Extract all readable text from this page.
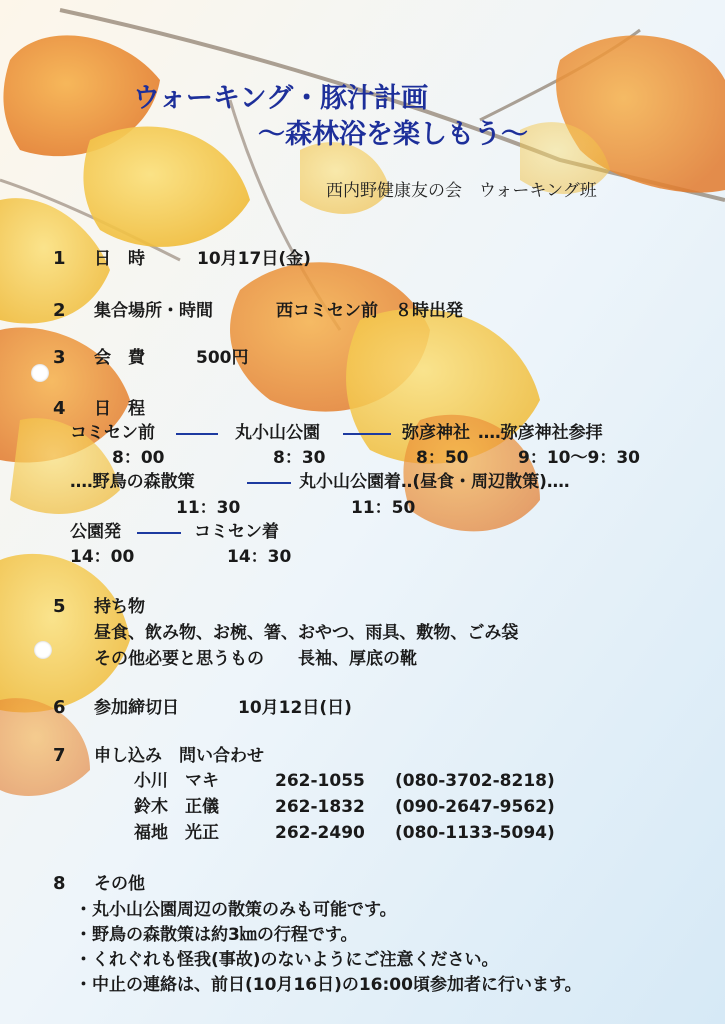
ウォーキング・豚汁計画
〜森林浴を楽しもう〜
西内野健康友の会　ウォーキング班
1 日　時	10月17日(金)
2 集合場所・時間	西コミセン前　８時出発
3 会　費	500円
4 日　程
コミセン前	丸小山公園	弥彦神社 ‥‥弥彦神社参拝
8：00	8：30	8：50	9：10〜9：30
‥‥野鳥の森散策	丸小山公園着‥(昼食・周辺散策)‥‥
11：30	11：50
公園発	コミセン着
14：00	14：30
5 持ち物
昼食、飲み物、お椀、箸、おやつ、雨具、敷物、ごみ袋
その他必要と思うもの　　長袖、厚底の靴
6 参加締切日	10月12日(日)
7 申し込み　問い合わせ
小川　マキ	262-1055 (080-3702-8218)
鈴木　正儀	262-1832 (090-2647-9562)
福地　光正	262-2490 (080-1133-5094)
8 その他
・丸小山公園周辺の散策のみも可能です。
・野鳥の森散策は約3㎞の行程です。
・くれぐれも怪我(事故)のないようにご注意ください。
・中止の連絡は、前日(10月16日)の16:00頃参加者に行います。
